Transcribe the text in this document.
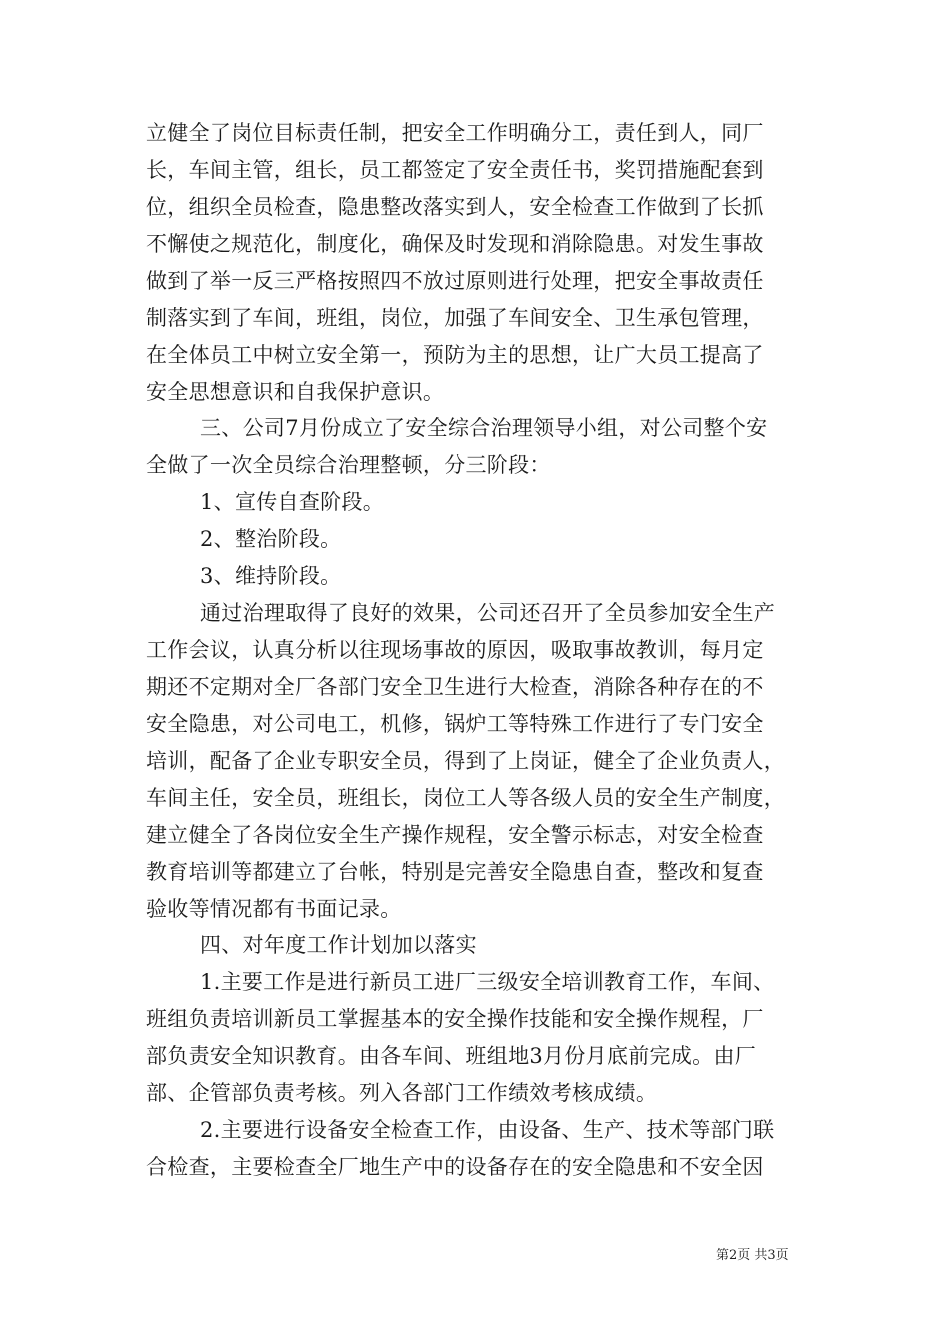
立健全了岗位目标责任制，把安全工作明确分工，责任到人，同厂
长，车间主管，组长，员工都签定了安全责任书，奖罚措施配套到
位，组织全员检查，隐患整改落实到人，安全检查工作做到了长抓
不懈使之规范化，制度化，确保及时发现和消除隐患。对发生事故
做到了举一反三严格按照四不放过原则进行处理，把安全事故责任
制落实到了车间，班组，岗位，加强了车间安全、卫生承包管理，
在全体员工中树立安全第一，预防为主的思想，让广大员工提高了
安全思想意识和自我保护意识。
三、公司7月份成立了安全综合治理领导小组，对公司整个安
全做了一次全员综合治理整顿，分三阶段：
1、宣传自查阶段。
2、整治阶段。
3、维持阶段。
通过治理取得了良好的效果，公司还召开了全员参加安全生产
工作会议，认真分析以往现场事故的原因，吸取事故教训，每月定
期还不定期对全厂各部门安全卫生进行大检查，消除各种存在的不
安全隐患，对公司电工，机修，锅炉工等特殊工作进行了专门安全
培训，配备了企业专职安全员，得到了上岗证，健全了企业负责人，
车间主任，安全员，班组长，岗位工人等各级人员的安全生产制度，
建立健全了各岗位安全生产操作规程，安全警示标志，对安全检查
教育培训等都建立了台帐，特别是完善安全隐患自查，整改和复查
验收等情况都有书面记录。
四、对年度工作计划加以落实
1.主要工作是进行新员工进厂三级安全培训教育工作，车间、
班组负责培训新员工掌握基本的安全操作技能和安全操作规程，厂
部负责安全知识教育。由各车间、班组地3月份月底前完成。由厂
部、企管部负责考核。列入各部门工作绩效考核成绩。
2.主要进行设备安全检查工作，由设备、生产、技术等部门联
合检查，主要检查全厂地生产中的设备存在的安全隐患和不安全因
第2页 共3页
